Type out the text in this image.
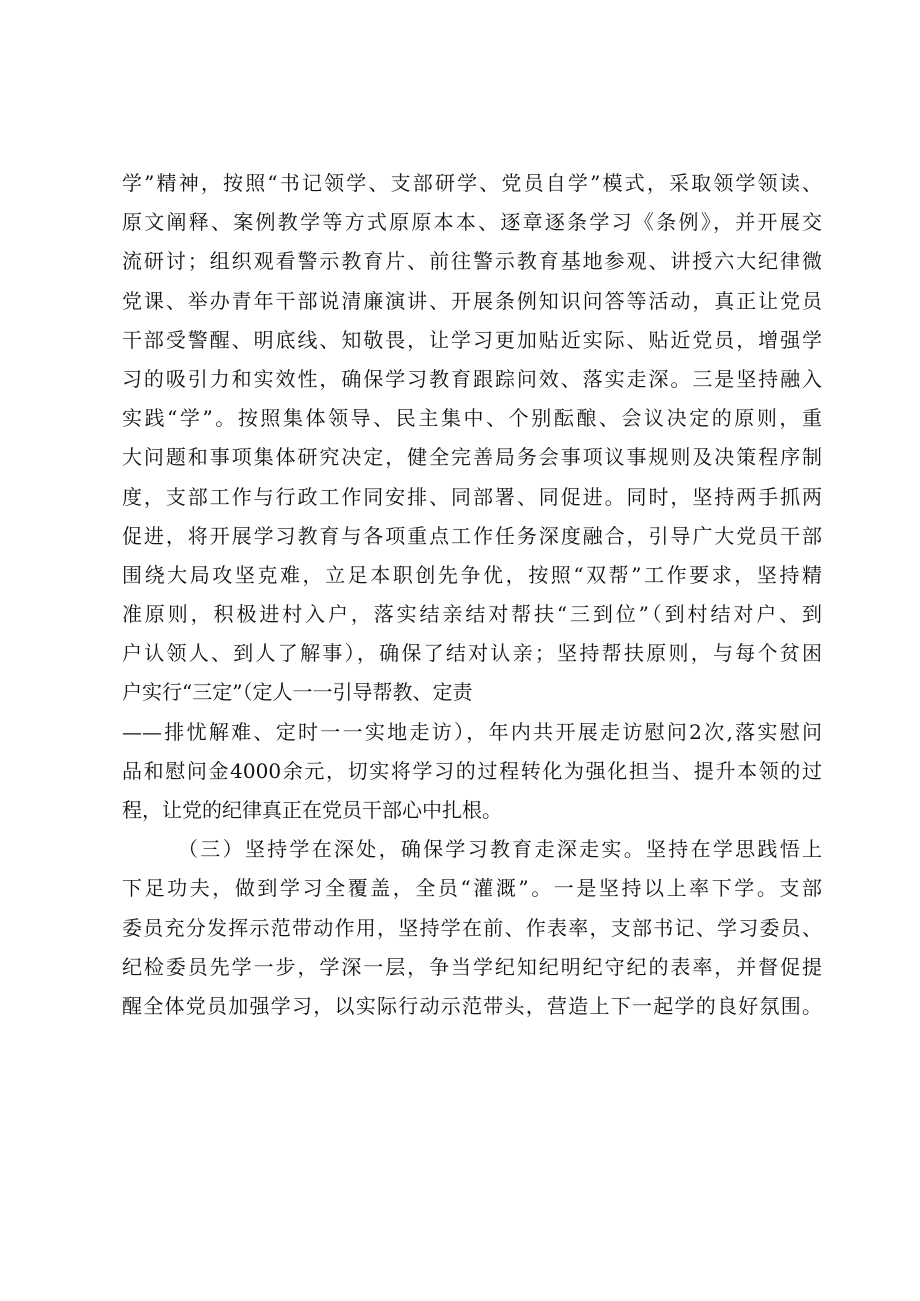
学”精神，按照“书记领学、支部研学、党员自学”模式，采取领学领读、
原文阐释、案例教学等方式原原本本、逐章逐条学习《条例》，并开展交
流研讨；组织观看警示教育片、前往警示教育基地参观、讲授六大纪律微
党课、举办青年干部说清廉演讲、开展条例知识问答等活动，真正让党员
干部受警醒、明底线、知敬畏，让学习更加贴近实际、贴近党员，增强学
习的吸引力和实效性，确保学习教育跟踪问效、落实走深。三是坚持融入
实践“学”。按照集体领导、民主集中、个别酝酿、会议决定的原则，重
大问题和事项集体研究决定，健全完善局务会事项议事规则及决策程序制
度，支部工作与行政工作同安排、同部署、同促进。同时，坚持两手抓两
促进，将开展学习教育与各项重点工作任务深度融合，引导广大党员干部
围绕大局攻坚克难，立足本职创先争优，按照“双帮”工作要求，坚持精
准原则，积极进村入户，落实结亲结对帮扶“三到位”（到村结对户、到
户认领人、到人了解事），确保了结对认亲；坚持帮扶原则，与每个贫困
户实行“三定”（定人一一引导帮教、定责
——排忧解难、定时一一实地走访），年内共开展走访慰问2次,落实慰问
品和慰问金4000余元，切实将学习的过程转化为强化担当、提升本领的过
程，让党的纪律真正在党员干部心中扎根。
（三）坚持学在深处，确保学习教育走深走实。坚持在学思践悟上
下足功夫，做到学习全覆盖，全员“灌溉”。一是坚持以上率下学。支部
委员充分发挥示范带动作用，坚持学在前、作表率，支部书记、学习委员、
纪检委员先学一步，学深一层，争当学纪知纪明纪守纪的表率，并督促提
醒全体党员加强学习，以实际行动示范带头，营造上下一起学的良好氛围。
